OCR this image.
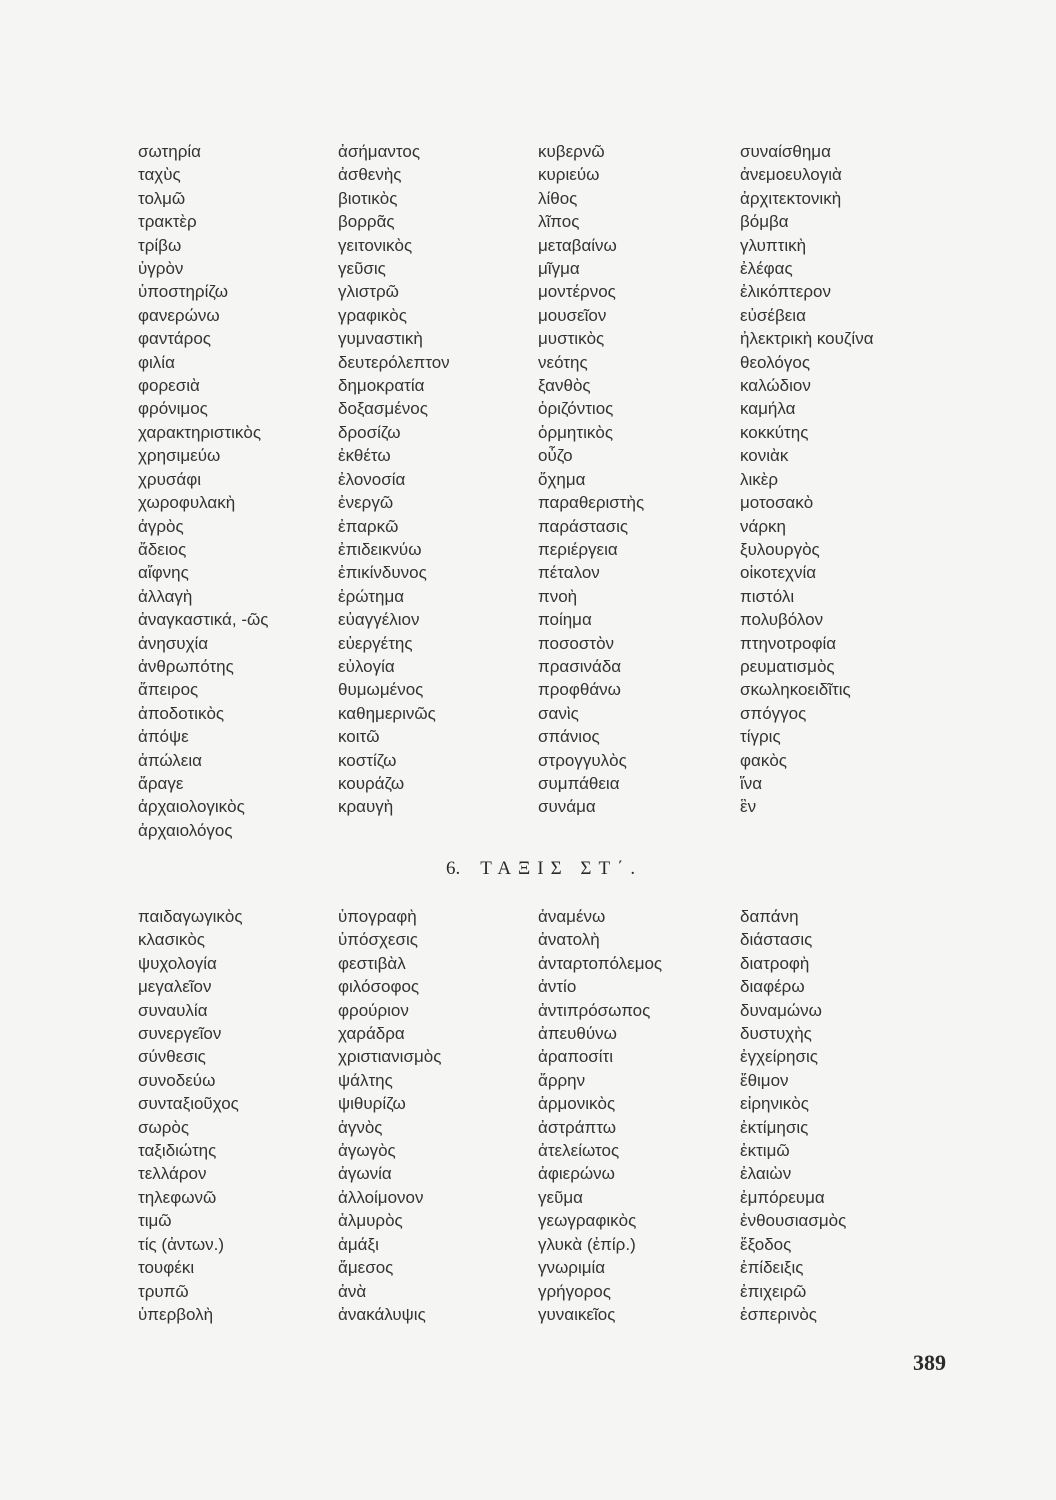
σωτηρία
ταχὺς
τολμῶ
τρακτὲρ
τρίβω
ὑγρὸν
ὑποστηρίζω
φανερώνω
φαντάρος
φιλία
φορεσιὰ
φρόνιμος
χαρακτηριστικὸς
χρησιμεύω
χρυσάφι
χωροφυλακὴ
ἀγρὸς
ἄδειος
αἴφνης
ἀλλαγὴ
ἀναγκαστικά, -ῶς
ἀνησυχία
ἀνθρωπότης
ἄπειρος
ἀποδοτικὸς
ἀπόψε
ἀπώλεια
ἄραγε
ἀρχαιολογικὸς
ἀρχαιολόγος
ἀσήμαντος
ἀσθενὴς
βιοτικὸς
βορρᾶς
γειτονικὸς
γεῦσις
γλιστρῶ
γραφικὸς
γυμναστικὴ
δευτερόλεπτον
δημοκρατία
δοξασμένος
δροσίζω
ἐκθέτω
ἐλονοσία
ἐνεργῶ
ἐπαρκῶ
ἐπιδεικνύω
ἐπικίνδυνος
ἐρώτημα
εὐαγγέλιον
εὐεργέτης
εὐλογία
θυμωμένος
καθημερινῶς
κοιτῶ
κοστίζω
κουράζω
κραυγὴ
κυβερνῶ
κυριεύω
λίθος
λῖπος
μεταβαίνω
μῖγμα
μοντέρνος
μουσεῖον
μυστικὸς
νεότης
ξανθὸς
ὁριζόντιος
ὁρμητικὸς
οὖζο
ὄχημα
παραθεριστὴς
παράστασις
περιέργεια
πέταλον
πνοὴ
ποίημα
ποσοστὸν
πρασινάδα
προφθάνω
σανὶς
σπάνιος
στρογγυλὸς
συμπάθεια
συνάμα
συναίσθημα
ἀνεμοευλογιὰ
ἀρχιτεκτονικὴ
βόμβα
γλυπτικὴ
ἐλέφας
ἐλικόπτερον
εὐσέβεια
ἠλεκτρικὴ κουζίνα
θεολόγος
καλώδιον
καμήλα
κοκκύτης
κονιὰκ
λικὲρ
μοτοσακὸ
νάρκη
ξυλουργὸς
οἰκοτεχνία
πιστόλι
πολυβόλον
πτηνοτροφία
ρευματισμὸς
σκωληκοειδῖτις
σπόγγος
τίγρις
φακὸς
ἵνα
ἓν
6. ΤΑΞΙΣ ΣΤ΄.
παιδαγωγικὸς
κλασικὸς
ψυχολογία
μεγαλεῖον
συναυλία
συνεργεῖον
σύνθεσις
συνοδεύω
συνταξιοῦχος
σωρὸς
ταξιδιώτης
τελλάρον
τηλεφωνῶ
τιμῶ
τίς (ἀντων.)
τουφέκι
τρυπῶ
ὑπερβολὴ
ὑπογραφὴ
ὑπόσχεσις
φεστιβὰλ
φιλόσοφος
φρούριον
χαράδρα
χριστιανισμὸς
ψάλτης
ψιθυρίζω
ἁγνὸς
ἀγωγὸς
ἀγωνία
ἀλλοίμονον
ἁλμυρὸς
ἁμάξι
ἄμεσος
ἀνὰ
ἀνακάλυψις
ἀναμένω
ἀνατολὴ
ἀνταρτοπόλεμος
ἀντίο
ἀντιπρόσωπος
ἀπευθύνω
ἀραποσίτι
ἄρρην
ἁρμονικὸς
ἀστράπτω
ἀτελείωτος
ἀφιερώνω
γεῦμα
γεωγραφικὸς
γλυκὰ (ἐπίρ.)
γνωριμία
γρήγορος
γυναικεῖος
δαπάνη
διάστασις
διατροφὴ
διαφέρω
δυναμώνω
δυστυχὴς
ἐγχείρησις
ἔθιμον
εἰρηνικὸς
ἐκτίμησις
ἐκτιμῶ
ἐλαιὼν
ἐμπόρευμα
ἐνθουσιασμὸς
ἔξοδος
ἐπίδειξις
ἐπιχειρῶ
ἑσπερινὸς
389
